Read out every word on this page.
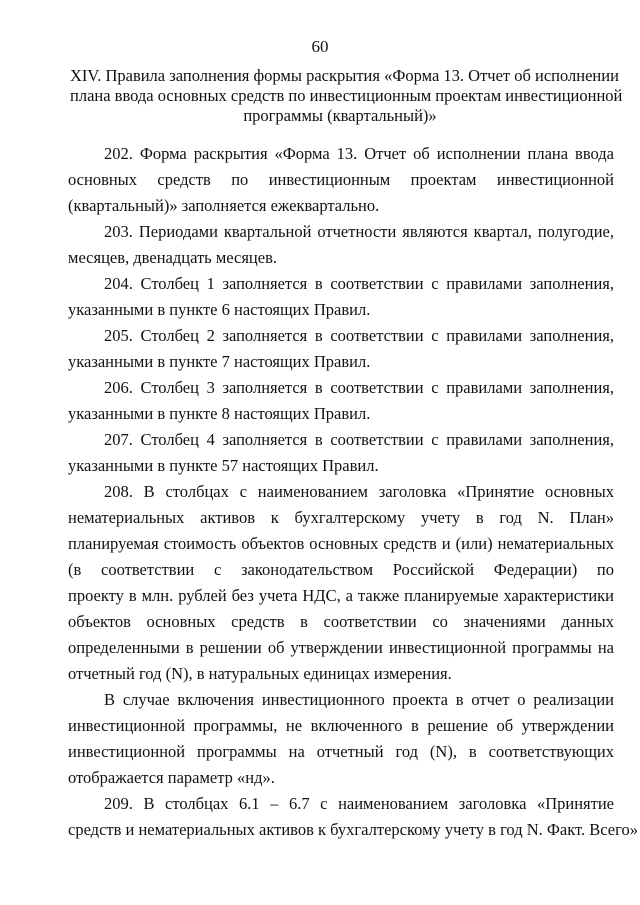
60
XIV. Правила заполнения формы раскрытия «Форма 13. Отчет об исполнении
плана ввода основных средств по инвестиционным проектам инвестиционной
программы (квартальный)»
202. Форма раскрытия «Форма 13. Отчет об исполнении плана ввода
основных средств по инвестиционным проектам инвестиционной
(квартальный)» заполняется ежеквартально.
203. Периодами квартальной отчетности являются квартал, полугодие,
месяцев, двенадцать месяцев.
204. Столбец 1 заполняется в соответствии с правилами заполнения,
указанными в пункте 6 настоящих Правил.
205. Столбец 2 заполняется в соответствии с правилами заполнения,
указанными в пункте 7 настоящих Правил.
206. Столбец 3 заполняется в соответствии с правилами заполнения,
указанными в пункте 8 настоящих Правил.
207. Столбец 4 заполняется в соответствии с правилами заполнения,
указанными в пункте 57 настоящих Правил.
208. В столбцах с наименованием заголовка «Принятие основных
нематериальных активов к бухгалтерскому учету в год N. План»
планируемая стоимость объектов основных средств и (или) нематериальных
(в соответствии с законодательством Российской Федерации) по
проекту в млн. рублей без учета НДС, а также планируемые характеристики
объектов основных средств в соответствии со значениями данных
определенными в решении об утверждении инвестиционной программы на
отчетный год (N), в натуральных единицах измерения.
В случае включения инвестиционного проекта в отчет о реализации
инвестиционной программы, не включенного в решение об утверждении
инвестиционной программы на отчетный год (N), в соответствующих
отображается параметр «нд».
209. В столбцах 6.1 – 6.7 с наименованием заголовка «Принятие
средств и нематериальных активов к бухгалтерскому учету в год N. Факт. Всего»
